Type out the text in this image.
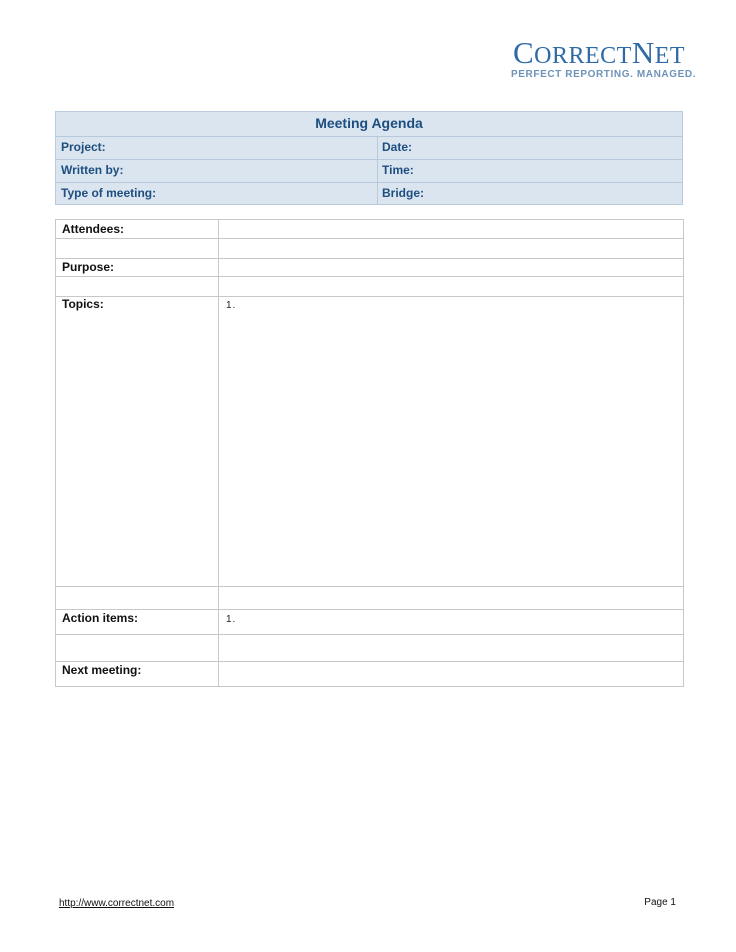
CORRECTNET
PERFECT REPORTING. MANAGED.
Meeting Agenda
Project:	Date:
Written by:	Time:
Type of meeting:	Bridge:
Attendees:
Purpose:
Topics:	1.
Action items:	1.
Next meeting:
http://www.correctnet.com	Page 1
